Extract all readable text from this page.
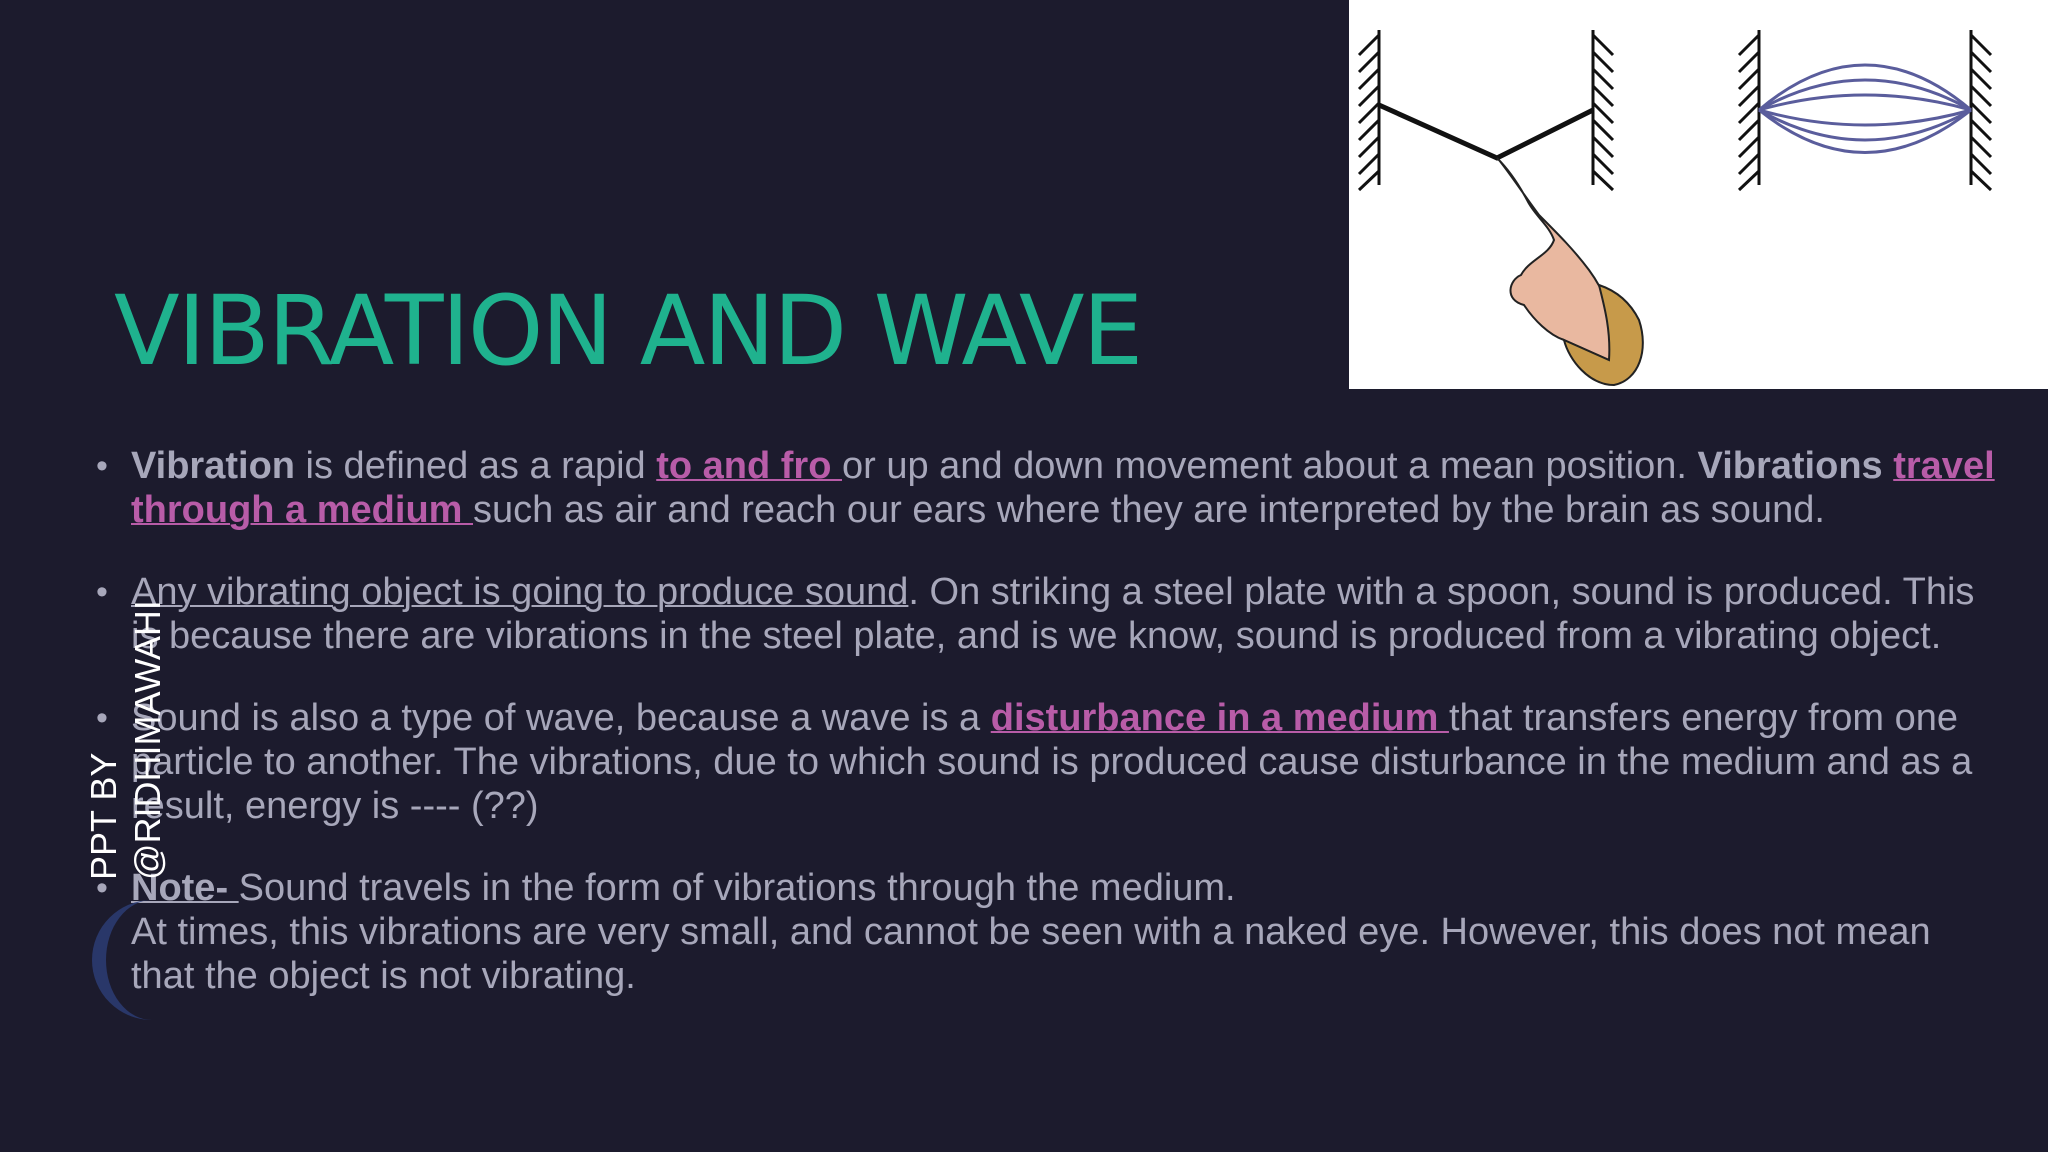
VIBRATION AND WAVE
• Vibration is defined as a rapid to and fro or up and down movement about a mean position. Vibrations travel through a medium such as air and reach our ears where they are interpreted by the brain as sound.
• Any vibrating object is going to produce sound. On striking a steel plate with a spoon, sound is produced. This is because there are vibrations in the steel plate, and is we know, sound is produced from a vibrating object.
• Sound is also a type of wave, because a wave is a disturbance in a medium that transfers energy from one particle to another. The vibrations, due to which sound is produced cause disturbance in the medium and as a result, energy is ---- (??)
• Note- Sound travels in the form of vibrations through the medium.
At times, this vibrations are very small, and cannot be seen with a naked eye. However, this does not mean that the object is not vibrating.
PPT BY @RIDHIMAWAHI
